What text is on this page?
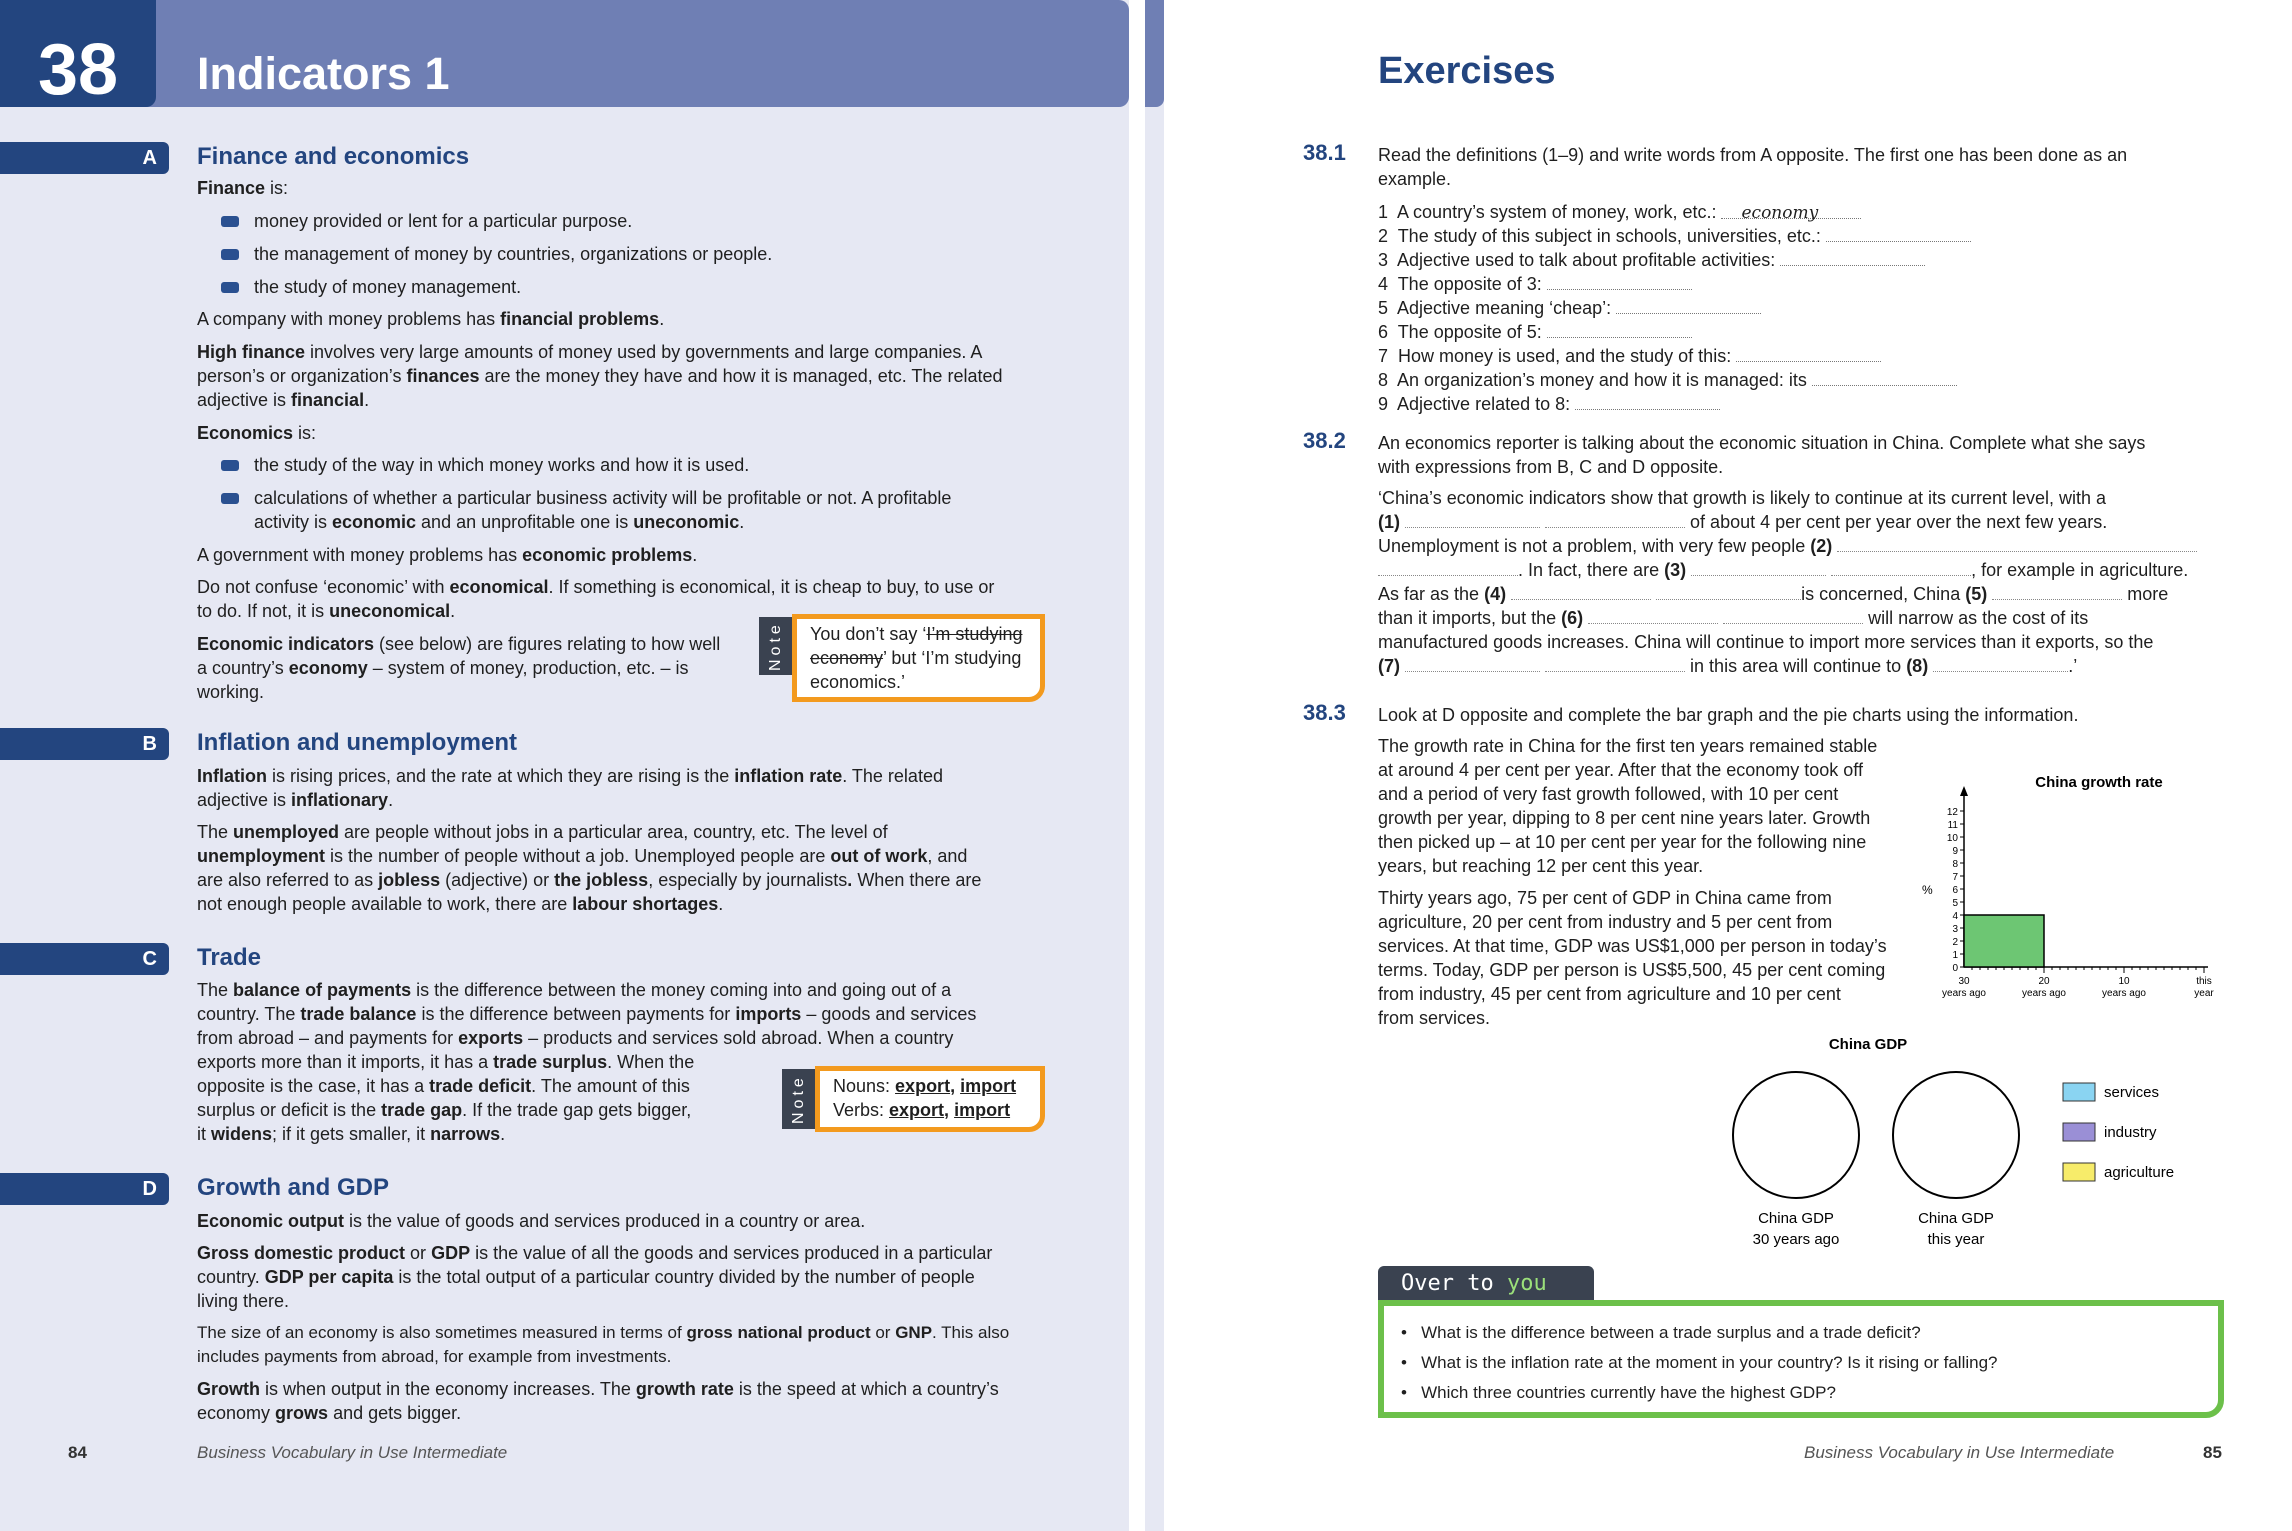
38	Indicators 1
A Finance and economics
Finance is:
money provided or lent for a particular purpose.
the management of money by countries, organizations or people.
the study of money management.
A company with money problems has financial problems.
High finance involves very large amounts of money used by governments and large companies. A
person’s or organization’s finances are the money they have and how it is managed, etc. The related
adjective is financial.
Economics is:
the study of the way in which money works and how it is used.
calculations of whether a particular business activity will be profitable or not. A profitable
activity is economic and an unprofitable one is uneconomic.
A government with money problems has economic problems.
Do not confuse ‘economic’ with economical. If something is economical, it is cheap to buy, to use or
to do. If not, it is uneconomical.
Economic indicators (see below) are figures relating to how well
a country’s economy – system of money, production, etc. – is
working.
Note	You don’t say ‘I’m studying
economy’ but ‘I’m studying
economics.’
B Inflation and unemployment
Inflation is rising prices, and the rate at which they are rising is the inflation rate. The related
adjective is inflationary.
The unemployed are people without jobs in a particular area, country, etc. The level of
unemployment is the number of people without a job. Unemployed people are out of work, and
are also referred to as jobless (adjective) or the jobless, especially by journalists. When there are
not enough people available to work, there are labour shortages.
C Trade
The balance of payments is the difference between the money coming into and going out of a
country. The trade balance is the difference between payments for imports – goods and services
from abroad – and payments for exports – products and services sold abroad. When a country
exports more than it imports, it has a trade surplus. When the
opposite is the case, it has a trade deficit. The amount of this
surplus or deficit is the trade gap. If the trade gap gets bigger,
it widens; if it gets smaller, it narrows.
Note	Nouns: export, import
Verbs: export, import
D Growth and GDP
Economic output is the value of goods and services produced in a country or area.
Gross domestic product or GDP is the value of all the goods and services produced in a particular
country. GDP per capita is the total output of a particular country divided by the number of people
living there.
The size of an economy is also sometimes measured in terms of gross national product or GNP. This also
includes payments from abroad, for example from investments.
Growth is when output in the economy increases. The growth rate is the speed at which a country’s
economy grows and gets bigger.
84	Business Vocabulary in Use Intermediate
Exercises
38.1 Read the definitions (1–9) and write words from A opposite. The first one has been done as an
example.
1  A country’s system of money, work, etc.: economy
2  The study of this subject in schools, universities, etc.:
3  Adjective used to talk about profitable activities:
4  The opposite of 3:
5  Adjective meaning ‘cheap’:
6  The opposite of 5:
7  How money is used, and the study of this:
8  An organization’s money and how it is managed: its
9  Adjective related to 8:
38.2 An economics reporter is talking about the economic situation in China. Complete what she says
with expressions from B, C and D opposite.
‘China’s economic indicators show that growth is likely to continue at its current level, with a
(1)	of about 4 per cent per year over the next few years.
Unemployment is not a problem, with very few people (2)
. In fact, there are (3)	, for example in agriculture.
As far as the (4)	is concerned, China (5)	more
than it imports, but the (6)	will narrow as the cost of its
manufactured goods increases. China will continue to import more services than it exports, so the
(7)	in this area will continue to (8)	.’
38.3 Look at D opposite and complete the bar graph and the pie charts using the information.
The growth rate in China for the first ten years remained stable
at around 4 per cent per year. After that the economy took off
and a period of very fast growth followed, with 10 per cent
growth per year, dipping to 8 per cent nine years later. Growth
then picked up – at 10 per cent per year for the following nine
years, but reaching 12 per cent this year.
Thirty years ago, 75 per cent of GDP in China came from
agriculture, 20 per cent from industry and 5 per cent from
services. At that time, GDP was US$1,000 per person in today’s
terms. Today, GDP per person is US$5,500, 45 per cent coming
from industry, 45 per cent from agriculture and 10 per cent
from services.
China growth rate
%
0
1
2
3
4
5
6
7
8
9
10
11
12
30
years ago
20
years ago
10
years ago
this
year
China GDP
China GDP
30 years ago
China GDP
this year
services
industry
agriculture
Over to you
•   What is the difference between a trade surplus and a trade deficit?
•   What is the inflation rate at the moment in your country? Is it rising or falling?
•   Which three countries currently have the highest GDP?
Business Vocabulary in Use Intermediate	85
